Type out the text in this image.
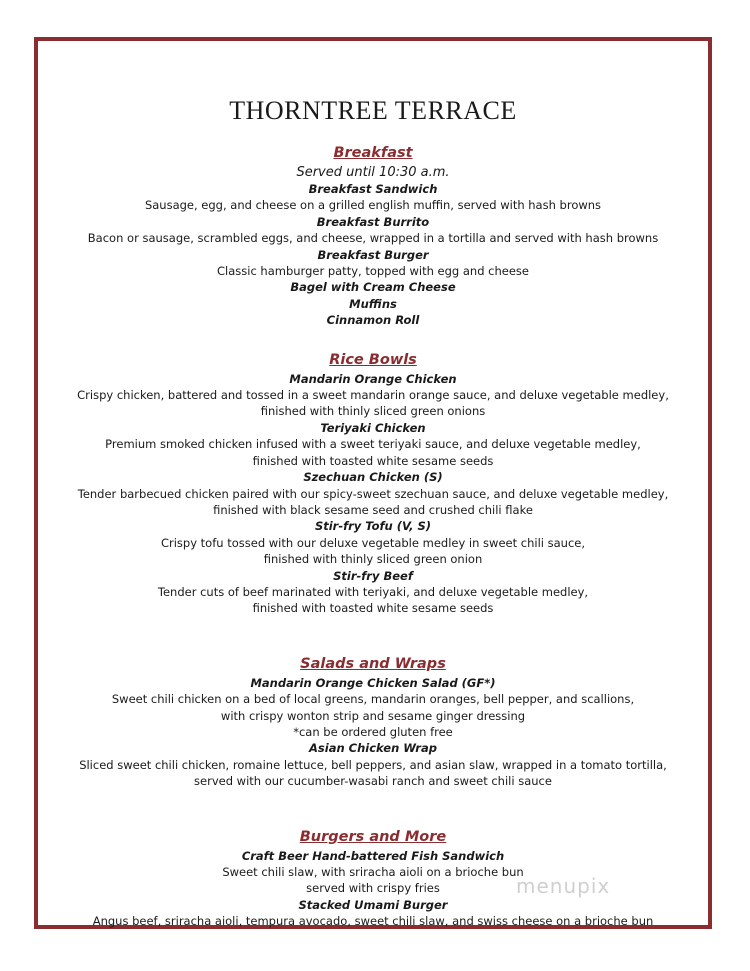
THORNTREE TERRACE
Breakfast
Served until 10:30 a.m.
Breakfast Sandwich
Sausage, egg, and cheese on a grilled english muffin, served with hash browns
Breakfast Burrito
Bacon or sausage, scrambled eggs, and cheese, wrapped in a tortilla and served with hash browns
Breakfast Burger
Classic hamburger patty, topped with egg and cheese
Bagel with Cream Cheese
Muffins
Cinnamon Roll
Rice Bowls
Mandarin Orange Chicken
Crispy chicken, battered and tossed in a sweet mandarin orange sauce, and deluxe vegetable medley,
finished with thinly sliced green onions
Teriyaki Chicken
Premium smoked chicken infused with a sweet teriyaki sauce, and deluxe vegetable medley,
finished with toasted white sesame seeds
Szechuan Chicken (S)
Tender barbecued chicken paired with our spicy-sweet szechuan sauce, and deluxe vegetable medley,
finished with black sesame seed and crushed chili flake
Stir-fry Tofu (V, S)
Crispy tofu tossed with our deluxe vegetable medley in sweet chili sauce,
finished with thinly sliced green onion
Stir-fry Beef
Tender cuts of beef marinated with teriyaki, and deluxe vegetable medley,
finished with toasted white sesame seeds
Salads and Wraps
Mandarin Orange Chicken Salad (GF*)
Sweet chili chicken on a bed of local greens, mandarin oranges, bell pepper, and scallions,
with crispy wonton strip and sesame ginger dressing
*can be ordered gluten free
Asian Chicken Wrap
Sliced sweet chili chicken, romaine lettuce, bell peppers, and asian slaw, wrapped in a tomato tortilla,
served with our cucumber-wasabi ranch and sweet chili sauce
Burgers and More
Craft Beer Hand-battered Fish Sandwich
Sweet chili slaw, with sriracha aioli on a brioche bun
served with crispy fries
Stacked Umami Burger
Angus beef, sriracha aioli, tempura avocado, sweet chili slaw, and swiss cheese on a brioche bun
menupix
